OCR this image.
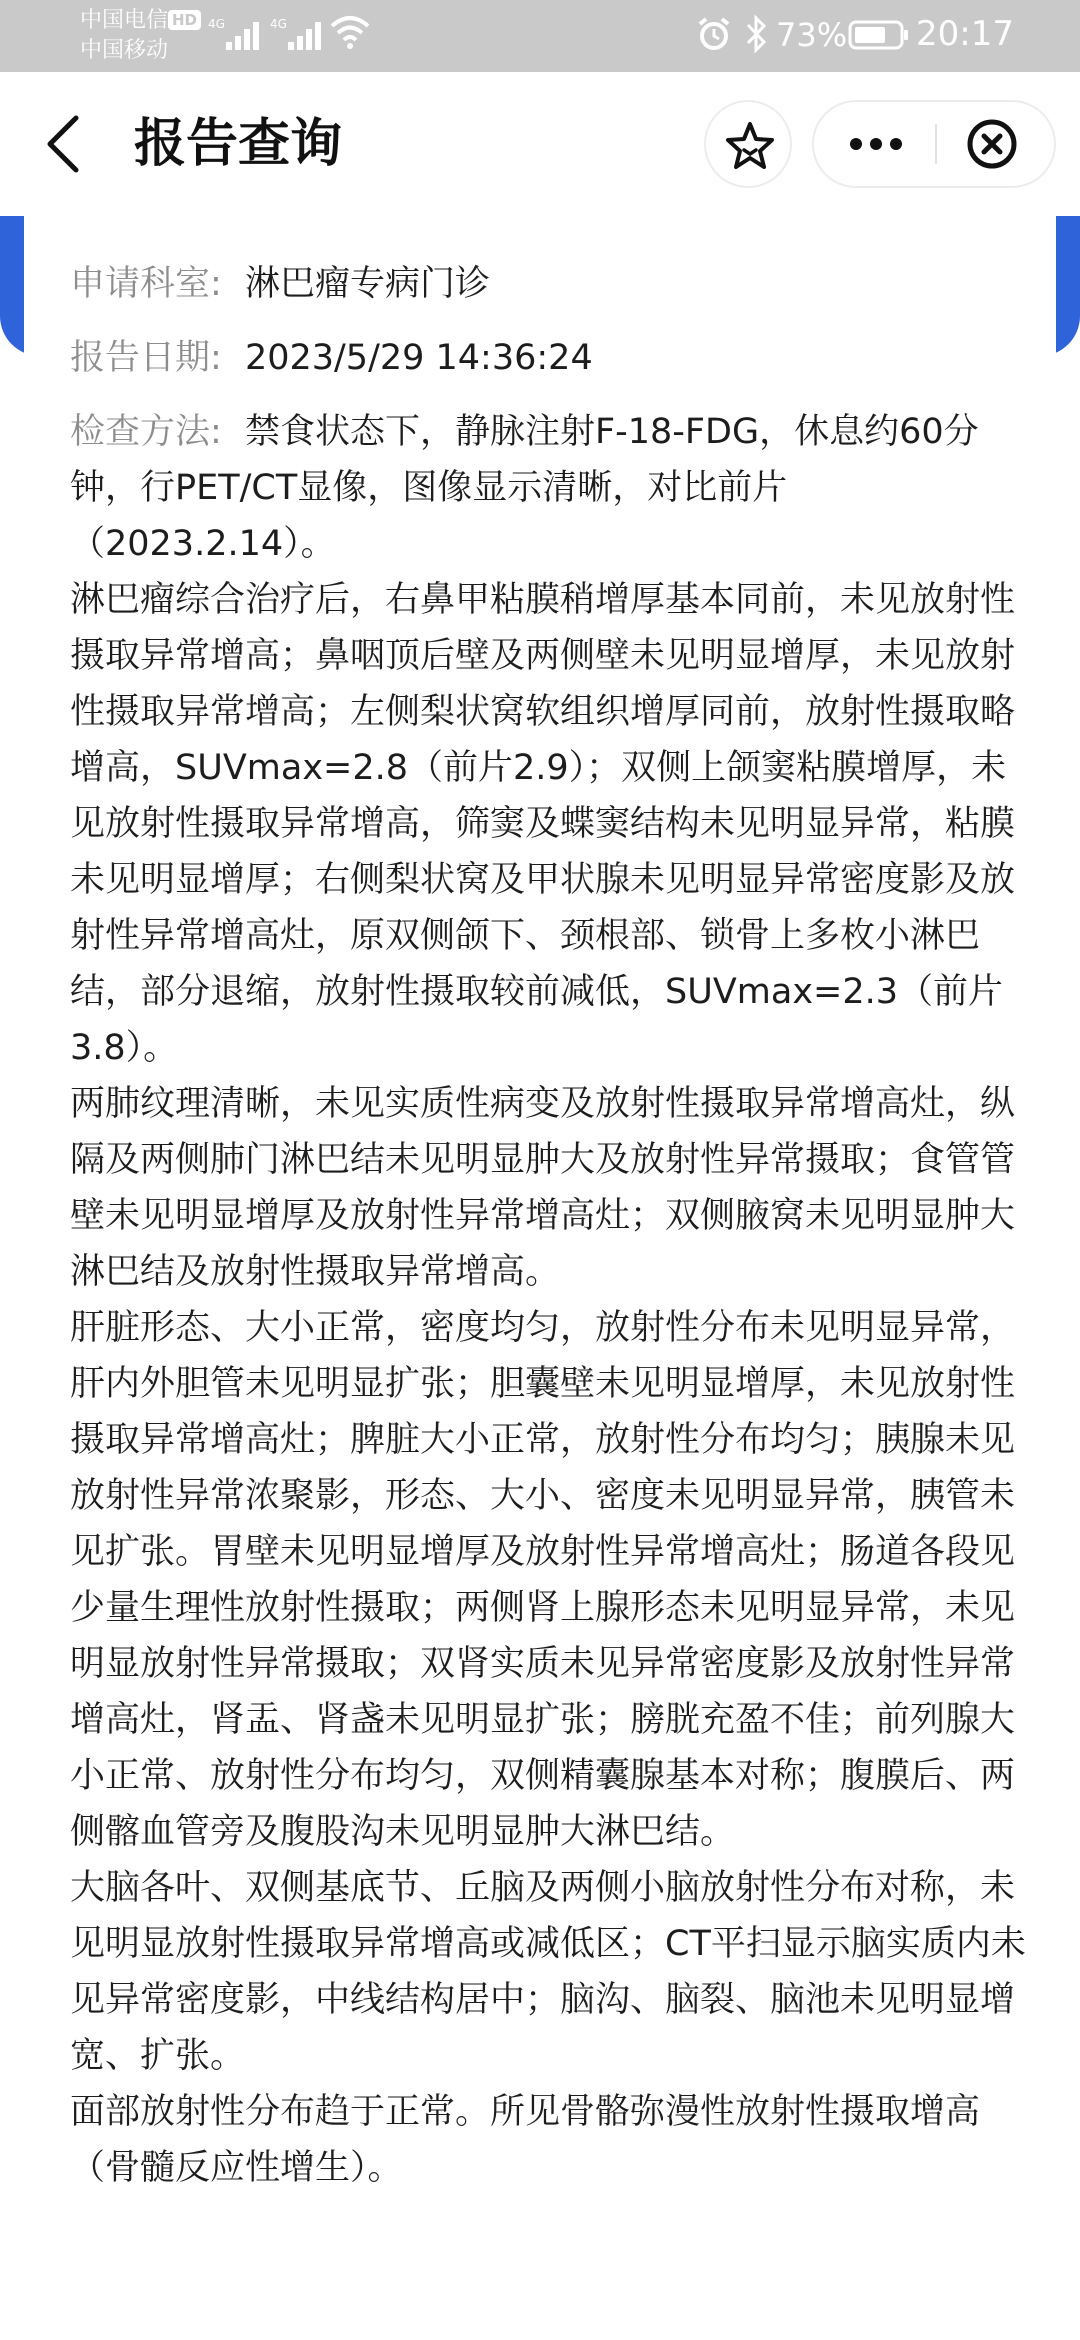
中国电信 HD
中国移动
4G	4G	73% 20:17
报告查询
申请科室: 淋巴瘤专病门诊
报告日期: 2023/5/29 14:36:24
检查方法: 禁食状态下，静脉注射F-18-FDG，休息约60分钟，行PET/CT显像，图像显示清晰，对比前片（2023.2.14）。

淋巴瘤综合治疗后，右鼻甲粘膜稍增厚基本同前，未见放射性摄取异常增高；鼻咽顶后壁及两侧壁未见明显增厚，未见放射性摄取异常增高；左侧梨状窝软组织增厚同前，放射性摄取略增高，SUVmax=2.8（前片2.9）；双侧上颌窦粘膜增厚，未见放射性摄取异常增高，筛窦及蝶窦结构未见明显异常，粘膜未见明显增厚；右侧梨状窝及甲状腺未见明显异常密度影及放射性异常增高灶，原双侧颌下、颈根部、锁骨上多枚小淋巴结，部分退缩，放射性摄取较前减低，SUVmax=2.3（前片3.8）。

两肺纹理清晰，未见实质性病变及放射性摄取异常增高灶，纵隔及两侧肺门淋巴结未见明显肿大及放射性异常摄取；食管管壁未见明显增厚及放射性异常增高灶；双侧腋窝未见明显肿大淋巴结及放射性摄取异常增高。

肝脏形态、大小正常，密度均匀，放射性分布未见明显异常，肝内外胆管未见明显扩张；胆囊壁未见明显增厚，未见放射性摄取异常增高灶；脾脏大小正常，放射性分布均匀；胰腺未见放射性异常浓聚影，形态、大小、密度未见明显异常，胰管未见扩张。胃壁未见明显增厚及放射性异常增高灶；肠道各段见少量生理性放射性摄取；两侧肾上腺形态未见明显异常，未见明显放射性异常摄取；双肾实质未见异常密度影及放射性异常增高灶，肾盂、肾盏未见明显扩张；膀胱充盈不佳；前列腺大小正常、放射性分布均匀，双侧精囊腺基本对称；腹膜后、两侧髂血管旁及腹股沟未见明显肿大淋巴结。

大脑各叶、双侧基底节、丘脑及两侧小脑放射性分布对称，未见明显放射性摄取异常增高或减低区；CT平扫显示脑实质内未见异常密度影，中线结构居中；脑沟、脑裂、脑池未见明显增宽、扩张。

面部放射性分布趋于正常。所见骨骼弥漫性放射性摄取增高（骨髓反应性增生）。
